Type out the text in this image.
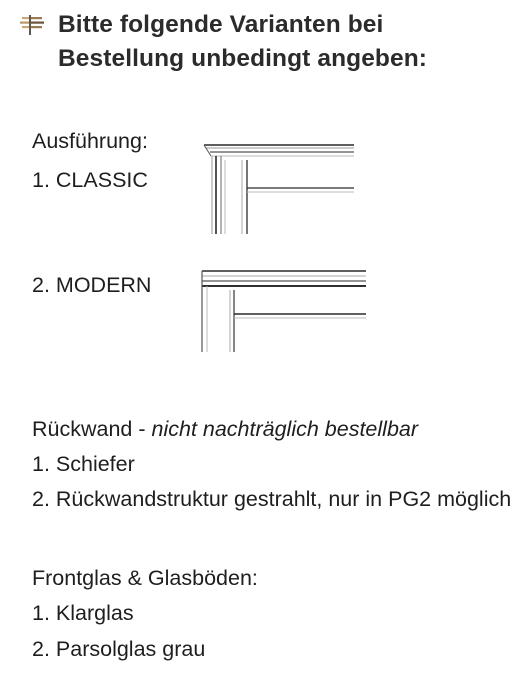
Bitte folgende Varianten bei
Bestellung unbedingt angeben:
Ausführung:
1. CLASSIC
2. MODERN
Rückwand - nicht nachträglich bestellbar
1. Schiefer
2. Rückwandstruktur gestrahlt, nur in PG2 möglich
Frontglas & Glasböden:
1. Klarglas
2. Parsolglas grau
